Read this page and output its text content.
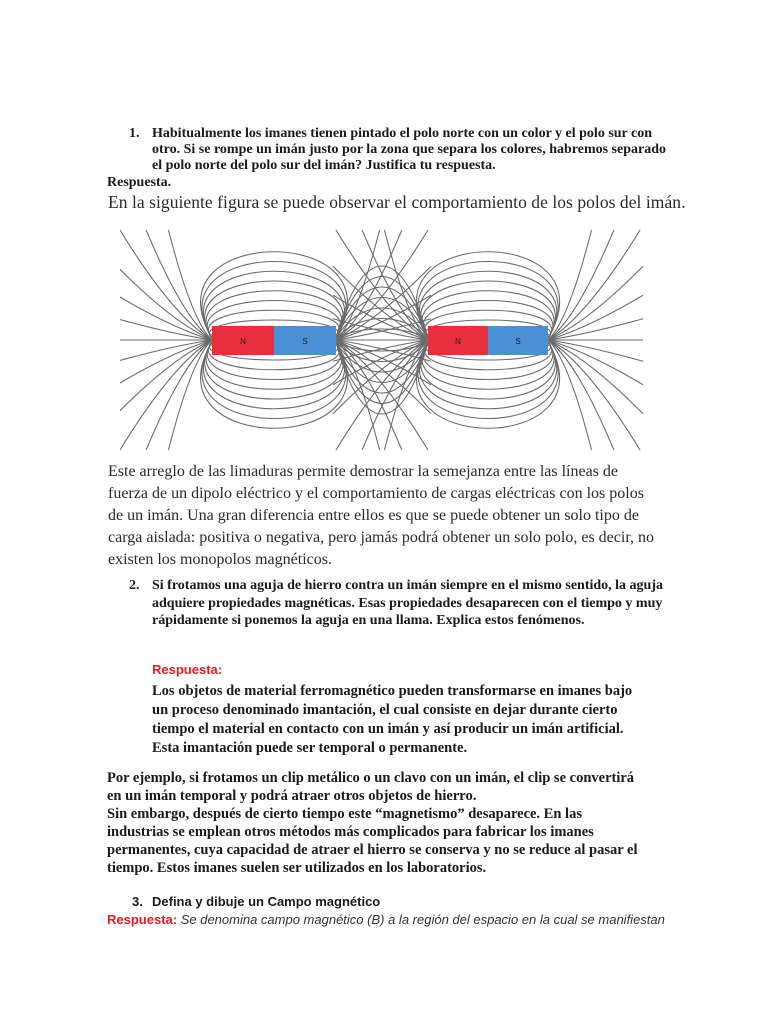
1. Habitualmente los imanes tienen pintado el polo norte con un color y el polo sur con
otro. Si se rompe un imán justo por la zona que separa los colores, habremos separado
el polo norte del polo sur del imán? Justifica tu respuesta.
Respuesta.
En la siguiente figura se puede observar el comportamiento de los polos del imán.
N	S	N	S
Este arreglo de las limaduras permite demostrar la semejanza entre las líneas de
fuerza de un dipolo eléctrico y el comportamiento de cargas eléctricas con los polos
de un imán. Una gran diferencia entre ellos es que se puede obtener un solo tipo de
carga aislada: positiva o negativa, pero jamás podrá obtener un solo polo, es decir, no
existen los monopolos magnéticos.
2. Si frotamos una aguja de hierro contra un imán siempre en el mismo sentido, la aguja
adquiere propiedades magnéticas. Esas propiedades desaparecen con el tiempo y muy
rápidamente si ponemos la aguja en una llama. Explica estos fenómenos.
Respuesta:
Los objetos de material ferromagnético pueden transformarse en imanes bajo
un proceso denominado imantación, el cual consiste en dejar durante cierto
tiempo el material en contacto con un imán y así producir un imán artificial.
Esta imantación puede ser temporal o permanente.
Por ejemplo, si frotamos un clip metálico o un clavo con un imán, el clip se convertirá
en un imán temporal y podrá atraer otros objetos de hierro.
Sin embargo, después de cierto tiempo este “magnetismo” desaparece. En las
industrias se emplean otros métodos más complicados para fabricar los imanes
permanentes, cuya capacidad de atraer el hierro se conserva y no se reduce al pasar el
tiempo. Estos imanes suelen ser utilizados en los laboratorios.
3. Defina y dibuje un Campo magnético
Respuesta: Se denomina campo magnético (B) a la región del espacio en la cual se manifiestan
